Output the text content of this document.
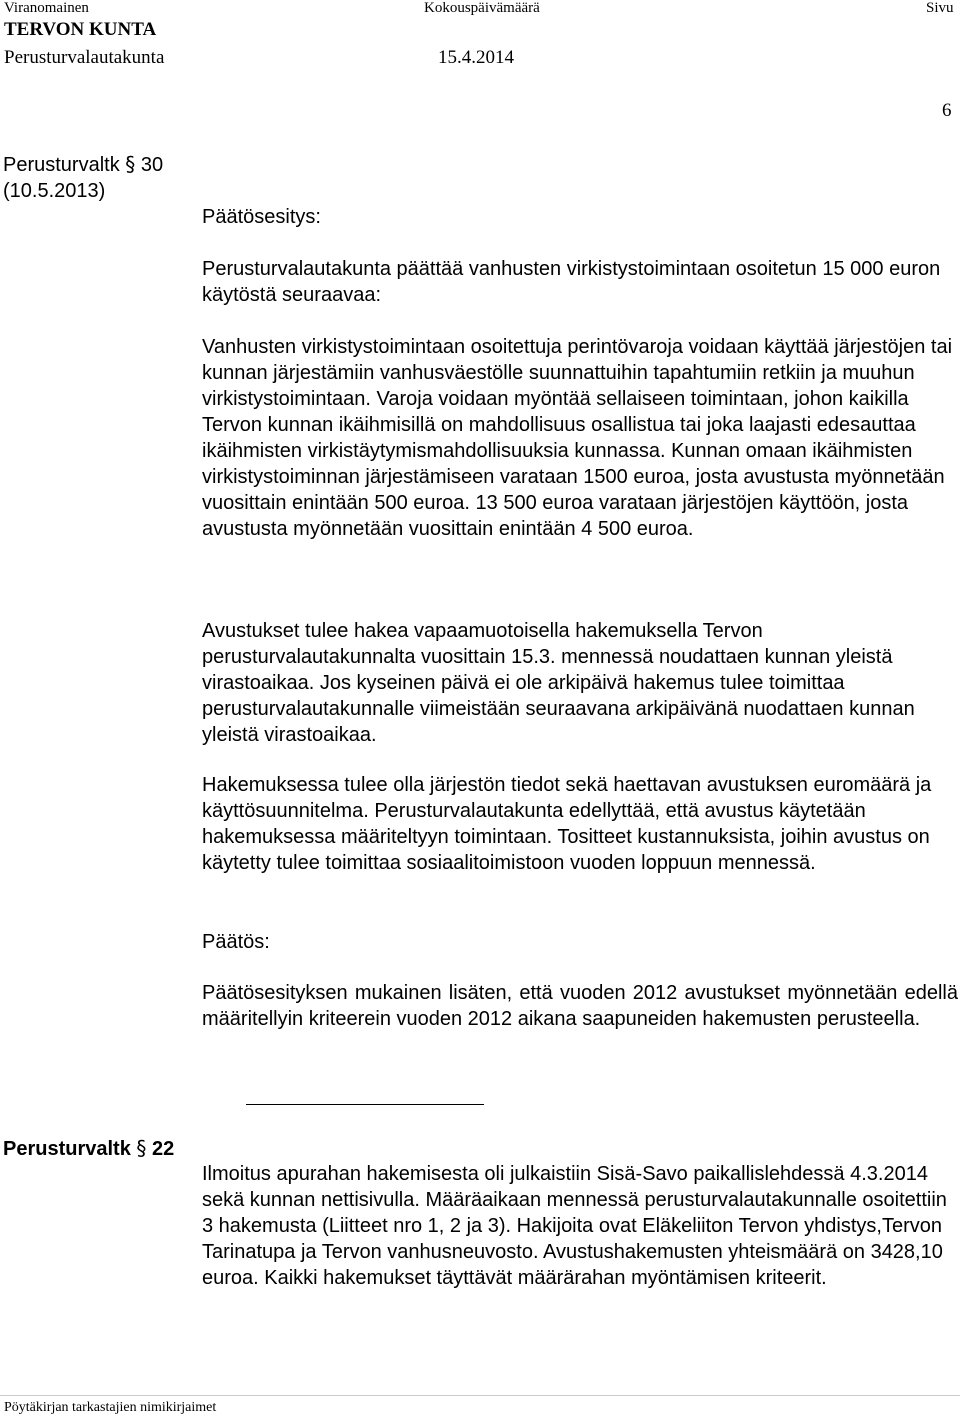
Viranomainen	Kokouspäivämäärä	Sivu
TERVON KUNTA
Perusturvalautakunta	15.4.2014
6
Perusturvaltk § 30
(10.5.2013)
Päätösesitys:

Perusturvalautakunta päättää vanhusten virkistystoimintaan osoitetun 15 000 euron käytöstä seuraavaa:

Vanhusten virkistystoimintaan osoitettuja perintövaroja voidaan käyttää järjestöjen tai kunnan järjestämiin vanhusväestölle suunnattuihin tapahtumiin retkiin ja muuhun virkistystoimintaan. Varoja voidaan myöntää sellaiseen toimintaan, johon kaikilla Tervon kunnan ikäihmisillä on mahdollisuus osallistua tai joka laajasti edesauttaa ikäihmisten virkistäytymismahdollisuuksia kunnassa. Kunnan omaan ikäihmisten virkistystoiminnan järjestämiseen varataan 1500 euroa, josta avustusta myönnetään vuosittain enintään 500 euroa. 13 500 euroa varataan järjestöjen käyttöön, josta avustusta myönnetään vuosittain enintään 4 500 euroa.

Avustukset tulee hakea vapaamuotoisella hakemuksella Tervon perusturvalautakunnalta vuosittain 15.3. mennessä noudattaen kunnan yleistä virastoaikaa. Jos kyseinen päivä ei ole arkipäivä hakemus tulee toimittaa perusturvalautakunnalle viimeistään seuraavana arkipäivänä nuodattaen kunnan yleistä virastoaikaa.

Hakemuksessa tulee olla järjestön tiedot sekä haettavan avustuksen euromäärä ja käyttösuunnitelma. Perusturvalautakunta edellyttää, että avustus käytetään hakemuksessa määriteltyyn toimintaan. Tositteet kustannuksista, joihin avustus on käytetty tulee toimittaa sosiaalitoimistoon vuoden loppuun mennessä.

Päätös:

Päätösesityksen mukainen lisäten, että vuoden 2012 avustukset myönnetään edellä määritellyin kriteerein vuoden 2012 aikana saapuneiden hakemusten perusteella.

Perusturvaltk § 22

Ilmoitus apurahan hakemisesta oli julkaistiin Sisä-Savo paikallislehdessä 4.3.2014 sekä kunnan nettisivulla. Määräaikaan mennessä perusturvalautakunnalle osoitettiin 3 hakemusta (Liitteet nro 1, 2 ja 3). Hakijoita ovat Eläkeliiton Tervon yhdistys,Tervon Tarinatupa ja Tervon vanhusneuvosto. Avustushakemusten yhteismäärä on 3428,10 euroa. Kaikki hakemukset täyttävät määrärahan myöntämisen kriteerit.

Pöytäkirjan tarkastajien nimikirjaimet
